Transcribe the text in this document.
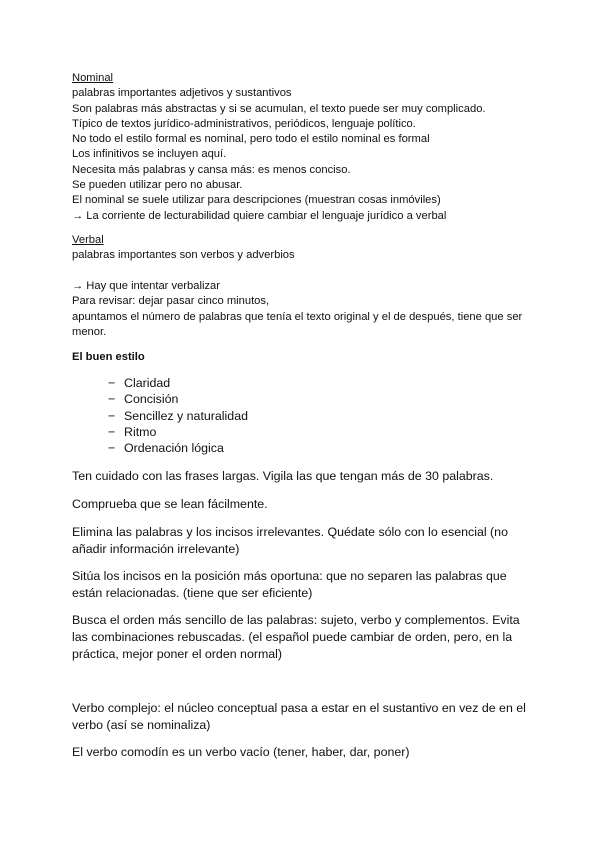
Nominal

palabras importantes adjetivos y sustantivos

Son palabras más abstractas y si se acumulan, el texto puede ser muy complicado.

Típico de textos jurídico-administrativos, periódicos, lenguaje político.

No todo el estilo formal es nominal, pero todo el estilo nominal es formal

Los infinitivos se incluyen aquí.

Necesita más palabras y cansa más: es menos conciso.

Se pueden utilizar pero no abusar.

El nominal se suele utilizar para descripciones (muestran cosas inmóviles)

→ La corriente de lecturabilidad quiere cambiar el lenguaje jurídico a verbal

Verbal

palabras importantes son verbos y adverbios

→ Hay que intentar verbalizar

Para revisar: dejar pasar cinco minutos,

apuntamos el número de palabras que tenía el texto original y el de después, tiene que ser

menor.

El buen estilo

− Claridad
− Concisión
− Sencillez y naturalidad
− Ritmo
− Ordenación lógica

Ten cuidado con las frases largas. Vigila las que tengan más de 30 palabras.

Comprueba que se lean fácilmente.

Elimina las palabras y los incisos irrelevantes. Quédate sólo con lo esencial (no
añadir información irrelevante)
Sitúa los incisos en la posición más oportuna: que no separen las palabras que
están relacionadas. (tiene que ser eficiente)
Busca el orden más sencillo de las palabras: sujeto, verbo y complementos. Evita
las combinaciones rebuscadas. (el español puede cambiar de orden, pero, en la
práctica, mejor poner el orden normal)
Verbo complejo: el núcleo conceptual pasa a estar en el sustantivo en vez de en el
verbo (así se nominaliza)

El verbo comodín es un verbo vacío (tener, haber, dar, poner)
